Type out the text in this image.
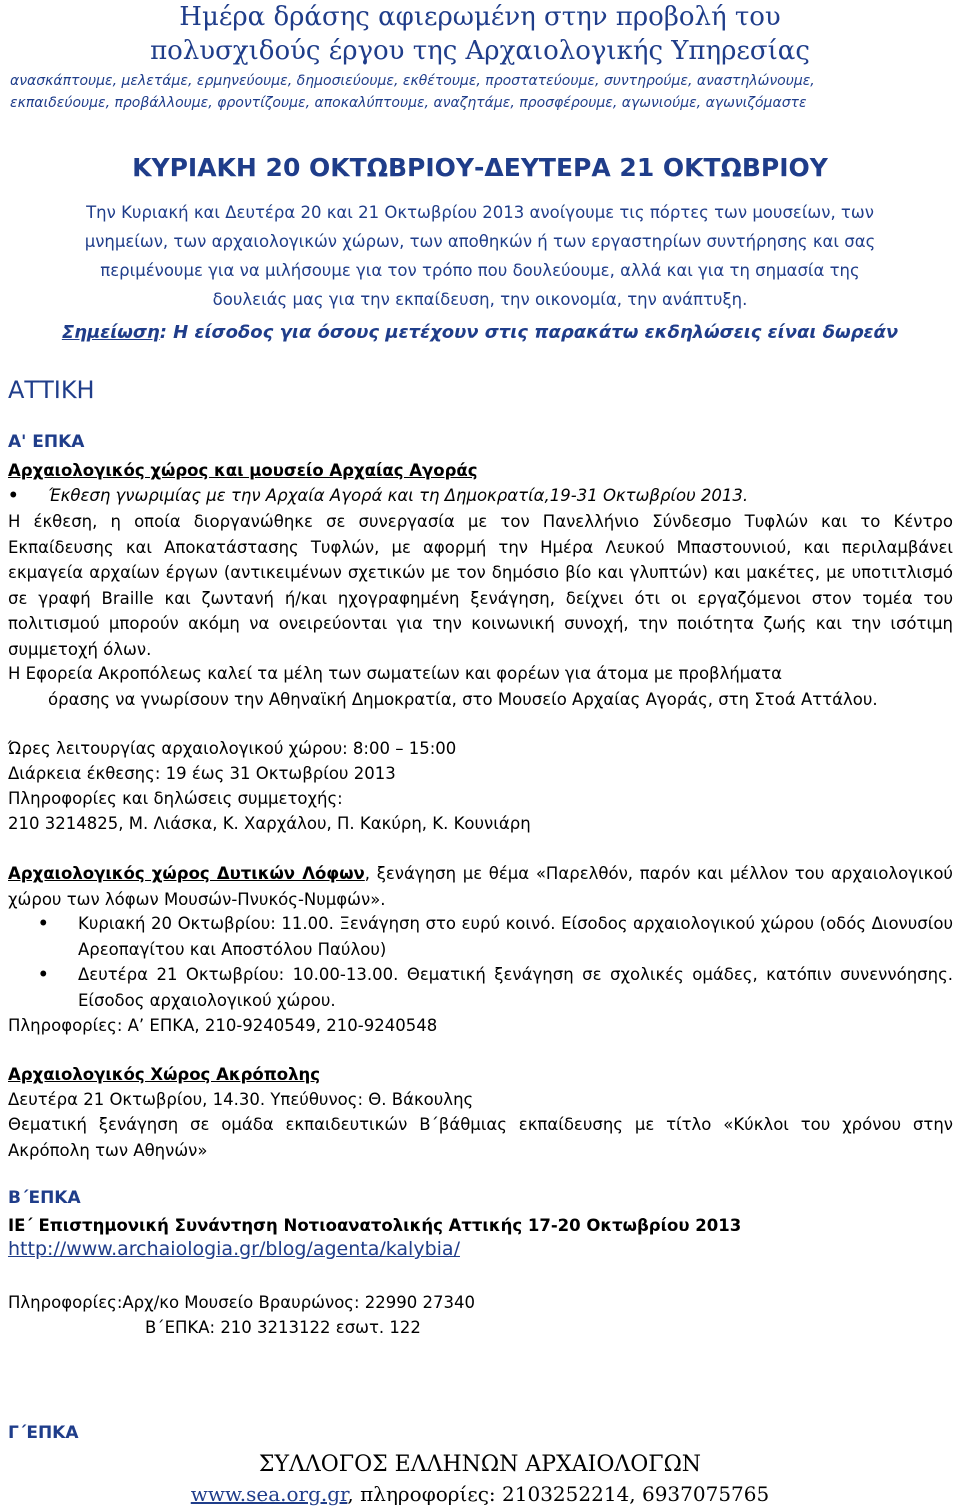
Ημέρα δράσης αφιερωμένη στην προβολή του
πολυσχιδούς έργου της Αρχαιολογικής Υπηρεσίας
ανασκάπτουμε, μελετάμε, ερμηνεύουμε, δημοσιεύουμε, εκθέτουμε, προστατεύουμε, συντηρούμε, αναστηλώνουμε,
εκπαιδεύουμε, προβάλλουμε, φροντίζουμε, αποκαλύπτουμε, αναζητάμε, προσφέρουμε, αγωνιούμε, αγωνιζόμαστε
ΚΥΡΙΑΚΗ 20 ΟΚΤΩΒΡΙΟΥ-ΔΕΥΤΕΡΑ 21 ΟΚΤΩΒΡΙΟΥ
Την Κυριακή και Δευτέρα 20 και 21 Οκτωβρίου 2013 ανοίγουμε τις πόρτες των μουσείων, των
μνημείων, των αρχαιολογικών χώρων, των αποθηκών ή των εργαστηρίων συντήρησης και σας
περιμένουμε για να μιλήσουμε για τον τρόπο που δουλεύουμε, αλλά και για τη σημασία της
δουλειάς μας για την εκπαίδευση, την οικονομία, την ανάπτυξη.
Σημείωση: Η είσοδος για όσους μετέχουν στις παρακάτω εκδηλώσεις είναι δωρεάν
ΑΤΤΙΚΗ
Α' ΕΠΚΑ
Αρχαιολογικός χώρος και μουσείο Αρχαίας Αγοράς
• Έκθεση γνωριμίας με την Αρχαία Αγορά και τη Δημοκρατία,19-31 Οκτωβρίου 2013.
Η έκθεση, η οποία διοργανώθηκε σε συνεργασία με τον Πανελλήνιο Σύνδεσμο Τυφλών και το Κέντρο Εκπαίδευσης και Αποκατάστασης Τυφλών, με αφορμή την Ημέρα Λευκού Μπαστουνιού, και περιλαμβάνει εκμαγεία αρχαίων έργων (αντικειμένων σχετικών με τον δημόσιο βίο και γλυπτών) και μακέτες, με υποτιτλισμό σε γραφή Braille και ζωντανή ή/και ηχογραφημένη ξενάγηση, δείχνει ότι οι εργαζόμενοι στον τομέα του πολιτισμού μπορούν ακόμη να ονειρεύονται για την κοινωνική συνοχή, την ποιότητα ζωής και την ισότιμη συμμετοχή όλων.
Η Εφορεία Ακροπόλεως καλεί τα μέλη των σωματείων και φορέων για άτομα με προβλήματα
όρασης να γνωρίσουν την Αθηναϊκή Δημοκρατία, στο Μουσείο Αρχαίας Αγοράς, στη Στοά Αττάλου.
Ώρες λειτουργίας αρχαιολογικού χώρου: 8:00 – 15:00
Διάρκεια έκθεσης: 19 έως 31 Οκτωβρίου 2013
Πληροφορίες και δηλώσεις συμμετοχής:
210 3214825, Μ. Λιάσκα, Κ. Χαρχάλου, Π. Κακύρη, Κ. Κουνιάρη
Αρχαιολογικός χώρος Δυτικών Λόφων, ξενάγηση με θέμα «Παρελθόν, παρόν και μέλλον του αρχαιολογικού χώρου των λόφων Μουσών-Πνυκός-Νυμφών».
• Κυριακή 20 Οκτωβρίου: 11.00. Ξενάγηση στο ευρύ κοινό. Είσοδος αρχαιολογικού χώρου (οδός Διονυσίου Αρεοπαγίτου και Αποστόλου Παύλου)
• Δευτέρα 21 Οκτωβρίου: 10.00-13.00. Θεματική ξενάγηση σε σχολικές ομάδες, κατόπιν συνεννόησης. Είσοδος αρχαιολογικού χώρου.
Πληροφορίες: Α’ ΕΠΚΑ, 210-9240549, 210-9240548
Αρχαιολογικός Χώρος Ακρόπολης
Δευτέρα 21 Οκτωβρίου, 14.30. Υπεύθυνος: Θ. Βάκουλης
Θεματική ξενάγηση σε ομάδα εκπαιδευτικών Β΄βάθμιας εκπαίδευσης με τίτλο «Κύκλοι του χρόνου στην Ακρόπολη των Αθηνών»
Β΄ΕΠΚΑ
ΙΕ΄ Επιστημονική Συνάντηση Νοτιοανατολικής Αττικής 17-20 Οκτωβρίου 2013
http://www.archaiologia.gr/blog/agenta/kalybia/
Πληροφορίες:Αρχ/κο Μουσείο Βραυρώνος: 22990 27340
Β΄ΕΠΚΑ: 210 3213122 εσωτ. 122
Γ΄ΕΠΚΑ
ΣΥΛΛΟΓΟΣ ΕΛΛΗΝΩΝ ΑΡΧΑΙΟΛΟΓΩΝ
www.sea.org.gr, πληροφορίες: 2103252214, 6937075765
